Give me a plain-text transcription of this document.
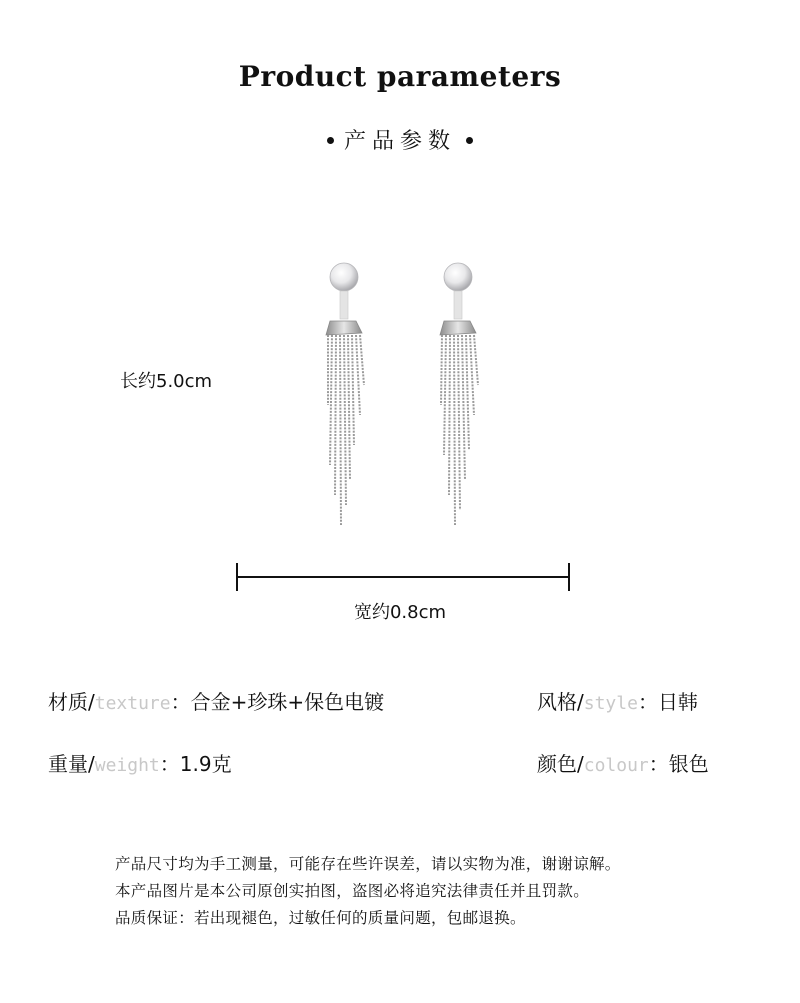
Product parameters
产品参数
长约5.0cm
宽约0.8cm
材质/texture：合金+珍珠+保色电镀	风格/style：日韩
重量/weight：1.9克	颜色/colour：银色
产品尺寸均为手工测量，可能存在些许误差，请以实物为准，谢谢谅解。
本产品图片是本公司原创实拍图，盗图必将追究法律责任并且罚款。
品质保证：若出现褪色，过敏任何的质量问题，包邮退换。
